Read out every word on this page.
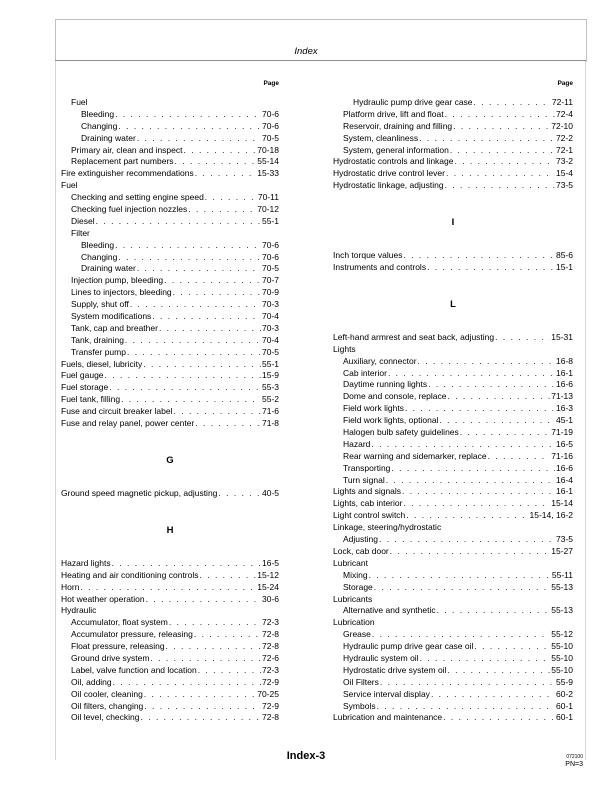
Index
Page
Fuel
Bleeding . . .	70-6
Changing . . .	70-6
Draining water . . .	70-5
Primary air, clean and inspect . . .	70-18
Replacement part numbers . . .	55-14
Fire extinguisher recommendations . . .	15-33
Fuel
Checking and setting engine speed . . .	70-11
Checking fuel injection nozzles . . .	70-12
Diesel . . .	55-1
Filter
Bleeding . . .	70-6
Changing . . .	70-6
Draining water . . .	70-5
Injection pump, bleeding . . .	70-7
Lines to injectors, bleeding . . .	70-9
Supply, shut off . . .	70-3
System modifications . . .	70-4
Tank, cap and breather . . .	70-3
Tank, draining . . .	70-4
Transfer pump . . .	70-5
Fuels, diesel, lubricity . . .	55-1
Fuel gauge . . .	15-9
Fuel storage . . .	55-3
Fuel tank, filling . . .	55-2
Fuse and circuit breaker label . . .	71-6
Fuse and relay panel, power center . . .	71-8
G
Ground speed magnetic pickup, adjusting . . .	40-5
H
Hazard lights . . .	16-5
Heating and air conditioning controls . . .	15-12
Horn . . .	15-24
Hot weather operation . . .	30-6
Hydraulic
Accumulator, float system . . .	72-3
Accumulator pressure, releasing . . .	72-8
Float pressure, releasing . . .	72-8
Ground drive system . . .	72-6
Label, valve function and location . . .	72-3
Oil, adding . . .	72-9
Oil cooler, cleaning . . .	70-25
Oil filters, changing . . .	72-9
Oil level, checking . . .	72-8
Page
Hydraulic pump drive gear case . . .	72-11
Platform drive, lift and float . . .	72-4
Reservoir, draining and filling . . .	72-10
System, cleanliness . . .	72-2
System, general information . . .	72-1
Hydrostatic controls and linkage . . .	73-2
Hydrostatic drive control lever . . .	15-4
Hydrostatic linkage, adjusting . . .	73-5
I
Inch torque values . . .	85-6
Instruments and controls . . .	15-1
L
Left-hand armrest and seat back, adjusting . . .	15-31
Lights
Auxiliary, connector . . .	16-8
Cab interior . . .	16-1
Daytime running lights . . .	16-6
Dome and console, replace . . .	71-13
Field work lights . . .	16-3
Field work lights, optional . . .	45-1
Halogen bulb safety guidelines . . .	71-19
Hazard . . .	16-5
Rear warning and sidemarker, replace . . .	71-16
Transporting . . .	16-6
Turn signal . . .	16-4
Lights and signals . . .	16-1
Lights, cab interior . . .	15-14
Light control switch . . .	15-14, 16-2
Linkage, steering/hydrostatic
Adjusting . . .	73-5
Lock, cab door . . .	15-27
Lubricant
Mixing . . .	55-11
Storage . . .	55-13
Lubricants
Alternative and synthetic . . .	55-13
Lubrication
Grease . . .	55-12
Hydraulic pump drive gear case oil . . .	55-10
Hydraulic system oil . . .	55-10
Hydrostatic drive system oil . . .	55-10
Oil Filters . . .	55-9
Service interval display . . .	60-2
Symbols . . .	60-1
Lubrication and maintenance . . .	60-1
Index-3	072100
PN=3
